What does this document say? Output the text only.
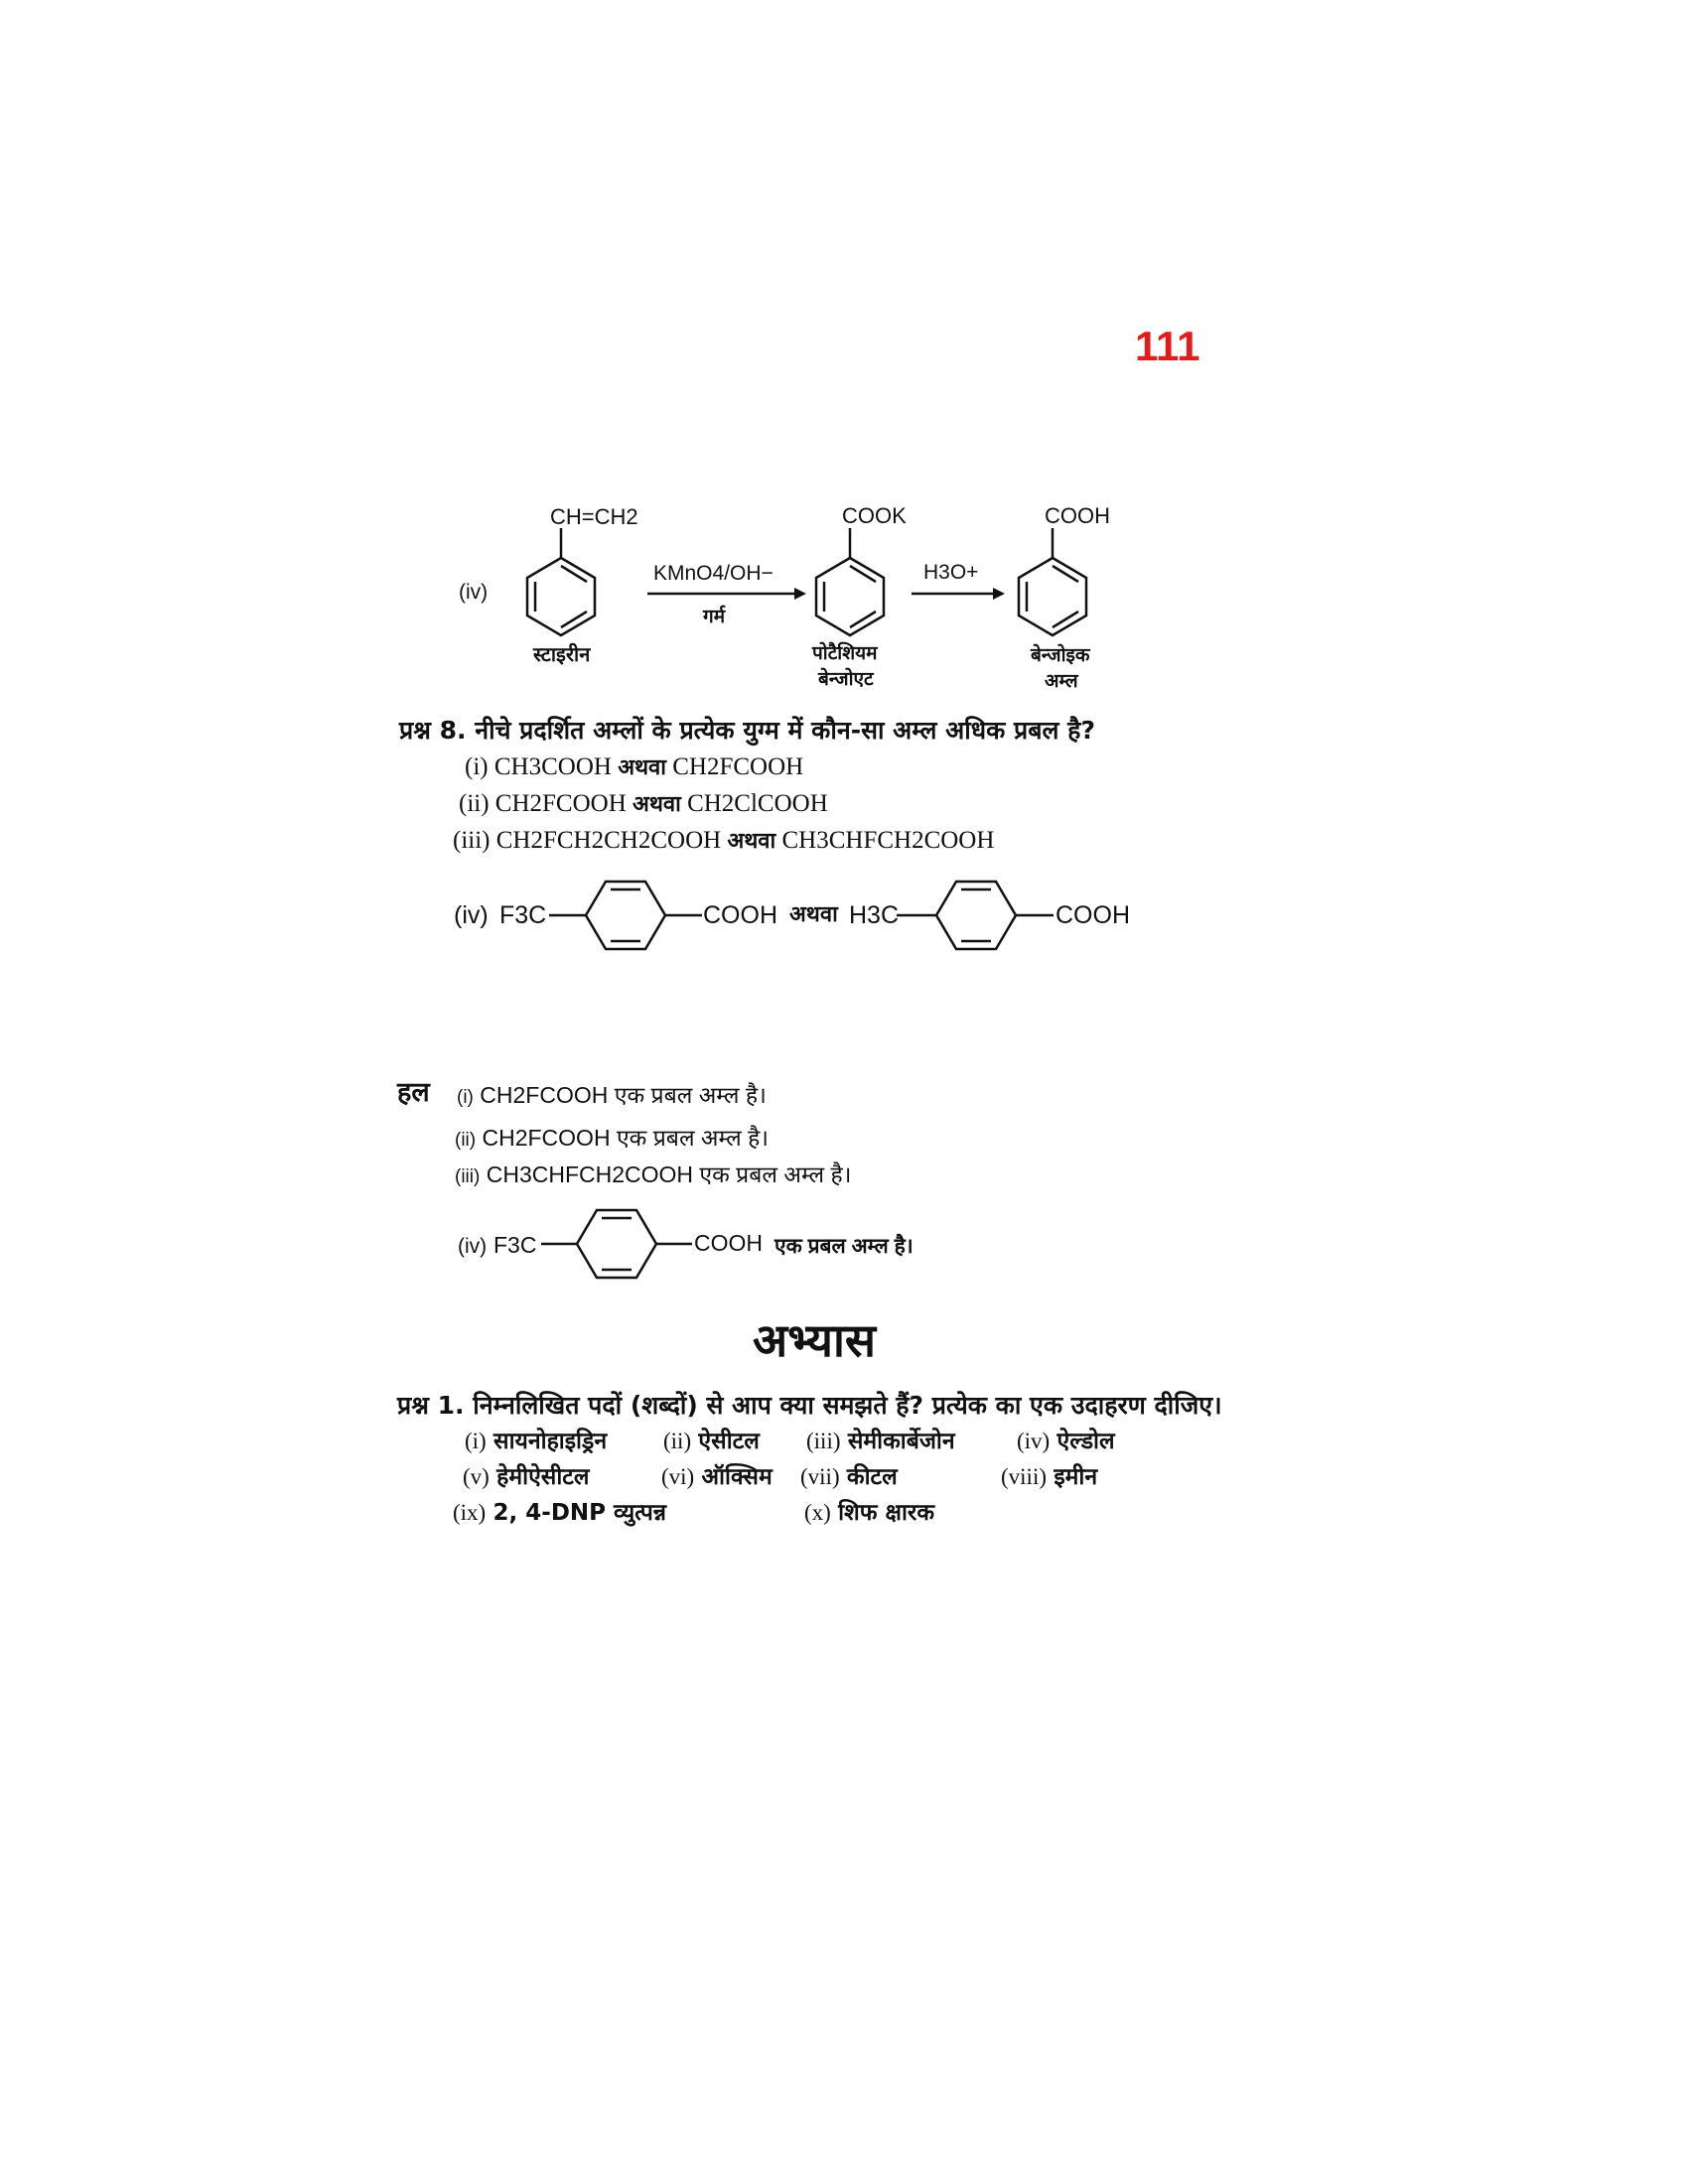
111
(iv)
CH=CH2
स्टाइरीन
KMnO4/OH−
गर्म
COOK
पोटैशियम
बेन्जोएट
H3O+
COOH
बेन्जोइक
अम्ल
प्रश्न 8. नीचे प्रदर्शित अम्लों के प्रत्येक युग्म में कौन-सा अम्ल अधिक प्रबल है?
(i) CH3COOH अथवा CH2FCOOH
(ii) CH2FCOOH अथवा CH2ClCOOH
(iii) CH2FCH2CH2COOH अथवा CH3CHFCH2COOH
(iv) F3C	COOH अथवा H3C	COOH
हल (i) CH2FCOOH एक प्रबल अम्ल है।
(ii) CH2FCOOH एक प्रबल अम्ल है।
(iii) CH3CHFCH2COOH एक प्रबल अम्ल है।
(iv) F3C	COOH एक प्रबल अम्ल है।
अभ्यास
प्रश्न 1. निम्नलिखित पदों (शब्दों) से आप क्या समझते हैं? प्रत्येक का एक उदाहरण दीजिए।
(i) सायनोहाइड्रिन (ii) ऐसीटल (iii) सेमीकार्बेजोन	(iv) ऐल्डोल
(v) हेमीऐसीटल	(vi) ऑक्सिम (vii) कीटल	(viii) इमीन
(ix) 2, 4-DNP व्युत्पन्न	(x) शिफ क्षारक
